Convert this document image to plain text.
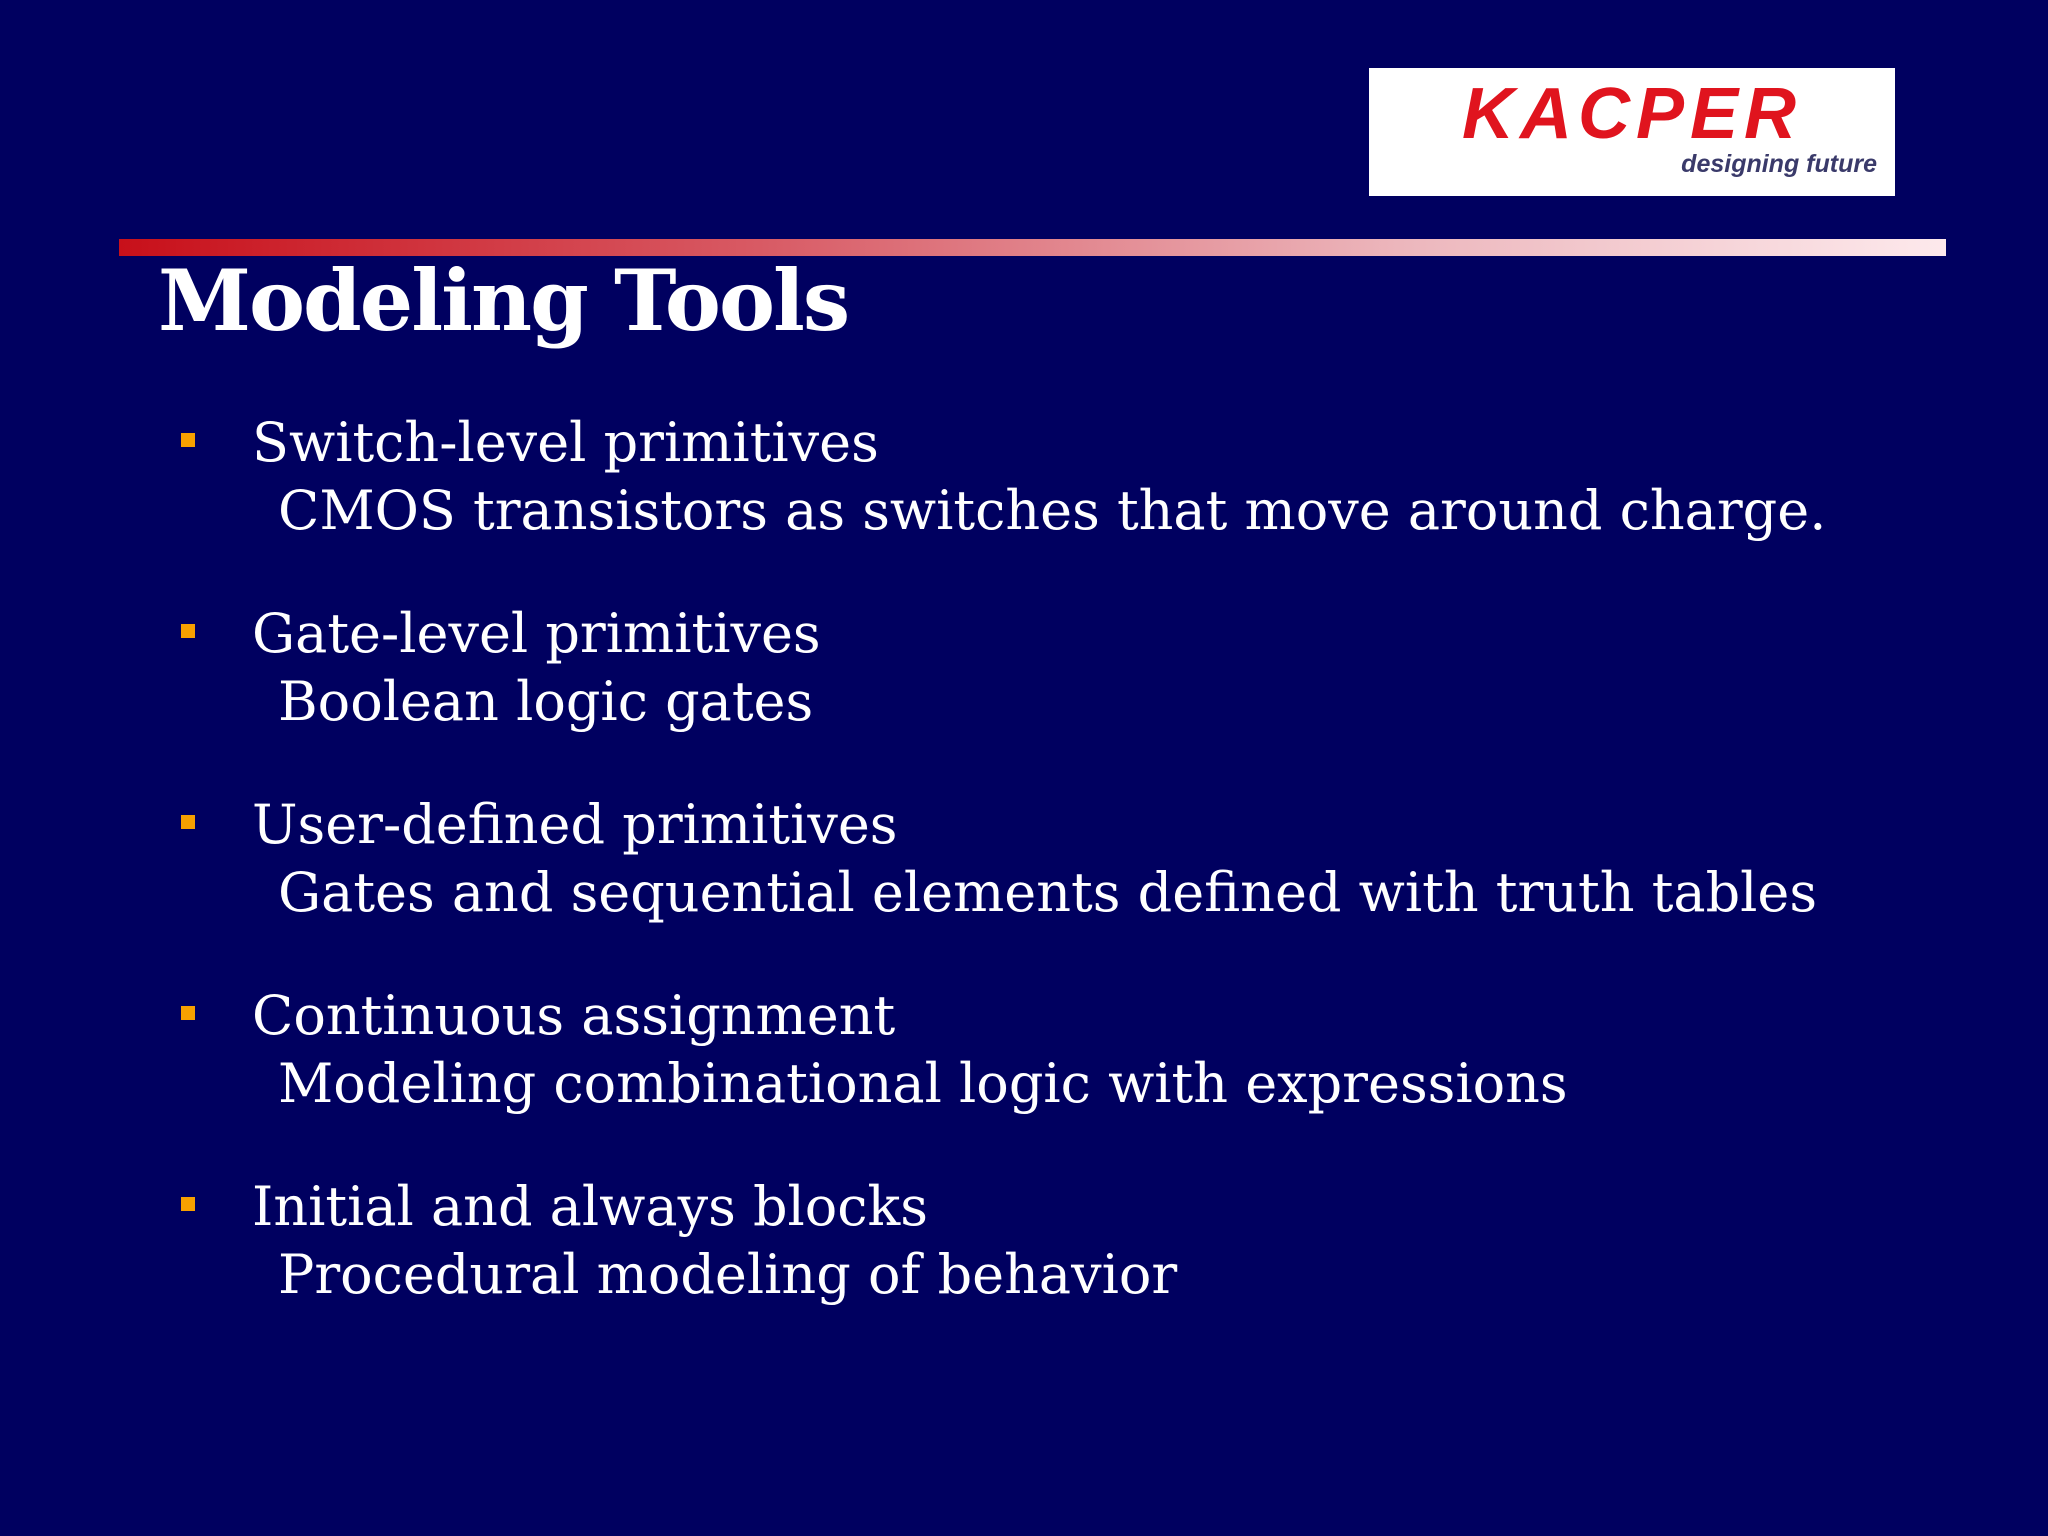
KACPER
designing future
Modeling Tools
Switch-level primitives
CMOS transistors as switches that move around charge.
Gate-level primitives
Boolean logic gates
User-defined primitives
Gates and sequential elements defined with truth tables
Continuous assignment
Modeling combinational logic with expressions
Initial and always blocks
Procedural modeling of behavior
